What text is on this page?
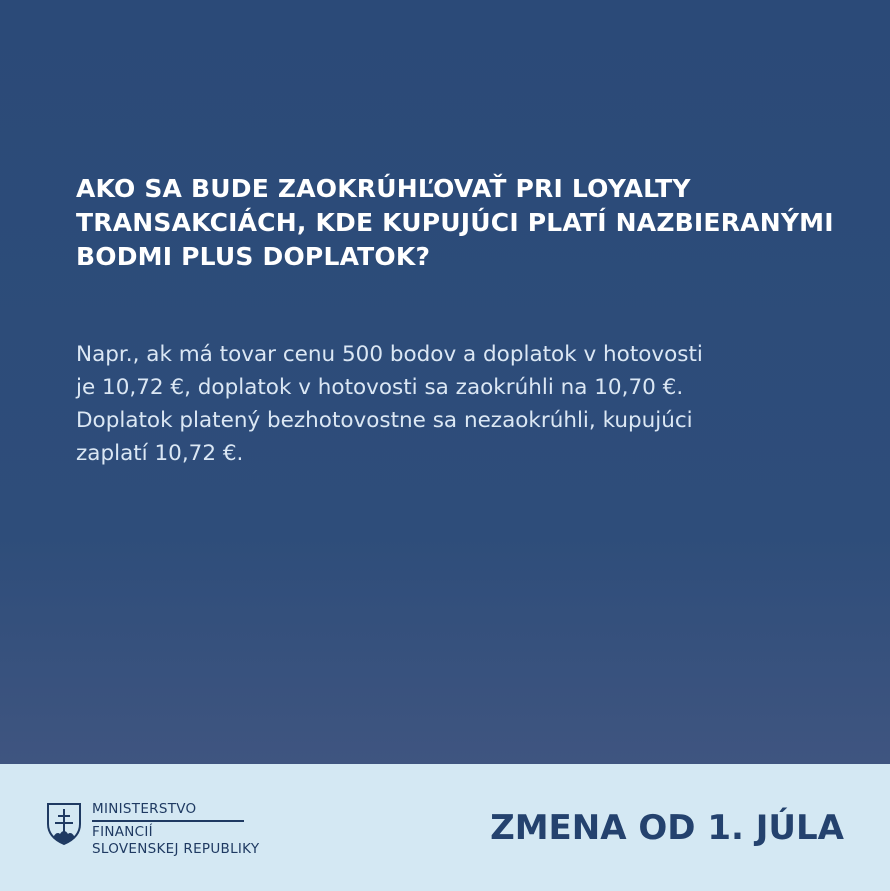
AKO SA BUDE ZAOKRÚHĽOVAŤ PRI LOYALTY
TRANSAKCIÁCH, KDE KUPUJÚCI PLATÍ NAZBIERANÝMI
BODMI PLUS DOPLATOK?

Napr., ak má tovar cenu 500 bodov a doplatok v hotovosti
je 10,72 €, doplatok v hotovosti sa zaokrúhli na 10,70 €.
Doplatok platený bezhotovostne sa nezaokrúhli, kupujúci
zaplatí 10,72 €.

MINISTERSTVO
FINANCIÍ
SLOVENSKEJ REPUBLIKY
ZMENA OD 1. JÚLA
